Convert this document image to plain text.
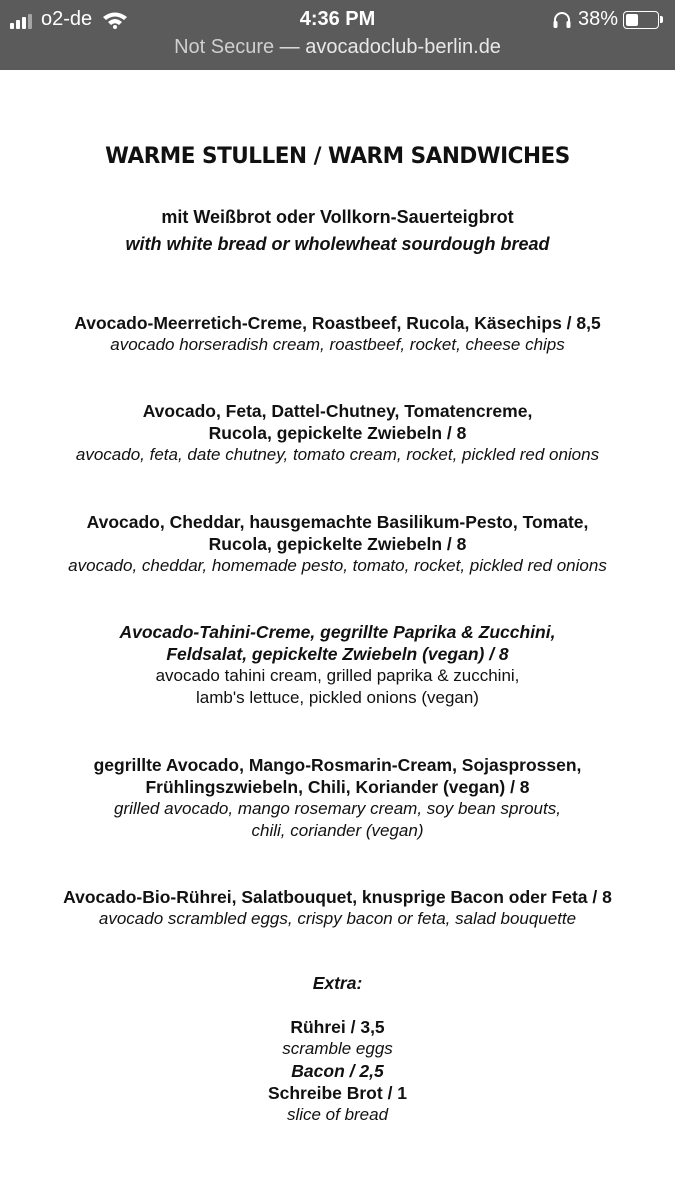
o2-de	4:36 PM	38%
Not Secure — avocadoclub-berlin.de
WARME STULLEN / WARM SANDWICHES
mit Weißbrot oder Vollkorn-Sauerteigbrot
with white bread or wholewheat sourdough bread
Avocado-Meerretich-Creme, Roastbeef, Rucola, Käsechips / 8,5
avocado horseradish cream, roastbeef, rocket, cheese chips
Avocado, Feta, Dattel-Chutney, Tomatencreme,
Rucola, gepickelte Zwiebeln / 8
avocado, feta, date chutney, tomato cream, rocket, pickled red onions
Avocado, Cheddar, hausgemachte Basilikum-Pesto, Tomate,
Rucola, gepickelte Zwiebeln / 8
avocado, cheddar, homemade pesto, tomato, rocket, pickled red onions
Avocado-Tahini-Creme, gegrillte Paprika & Zucchini,
Feldsalat, gepickelte Zwiebeln (vegan) / 8
avocado tahini cream, grilled paprika & zucchini,
lamb's lettuce, pickled onions (vegan)
gegrillte Avocado, Mango-Rosmarin-Cream, Sojasprossen,
Frühlingszwiebeln, Chili, Koriander (vegan) / 8
grilled avocado, mango rosemary cream, soy bean sprouts,
chili, coriander (vegan)
Avocado-Bio-Rührei, Salatbouquet, knusprige Bacon oder Feta / 8
avocado scrambled eggs, crispy bacon or feta, salad bouquette
Extra:
Rührei / 3,5
scramble eggs
Bacon / 2,5
Schreibe Brot / 1
slice of bread
